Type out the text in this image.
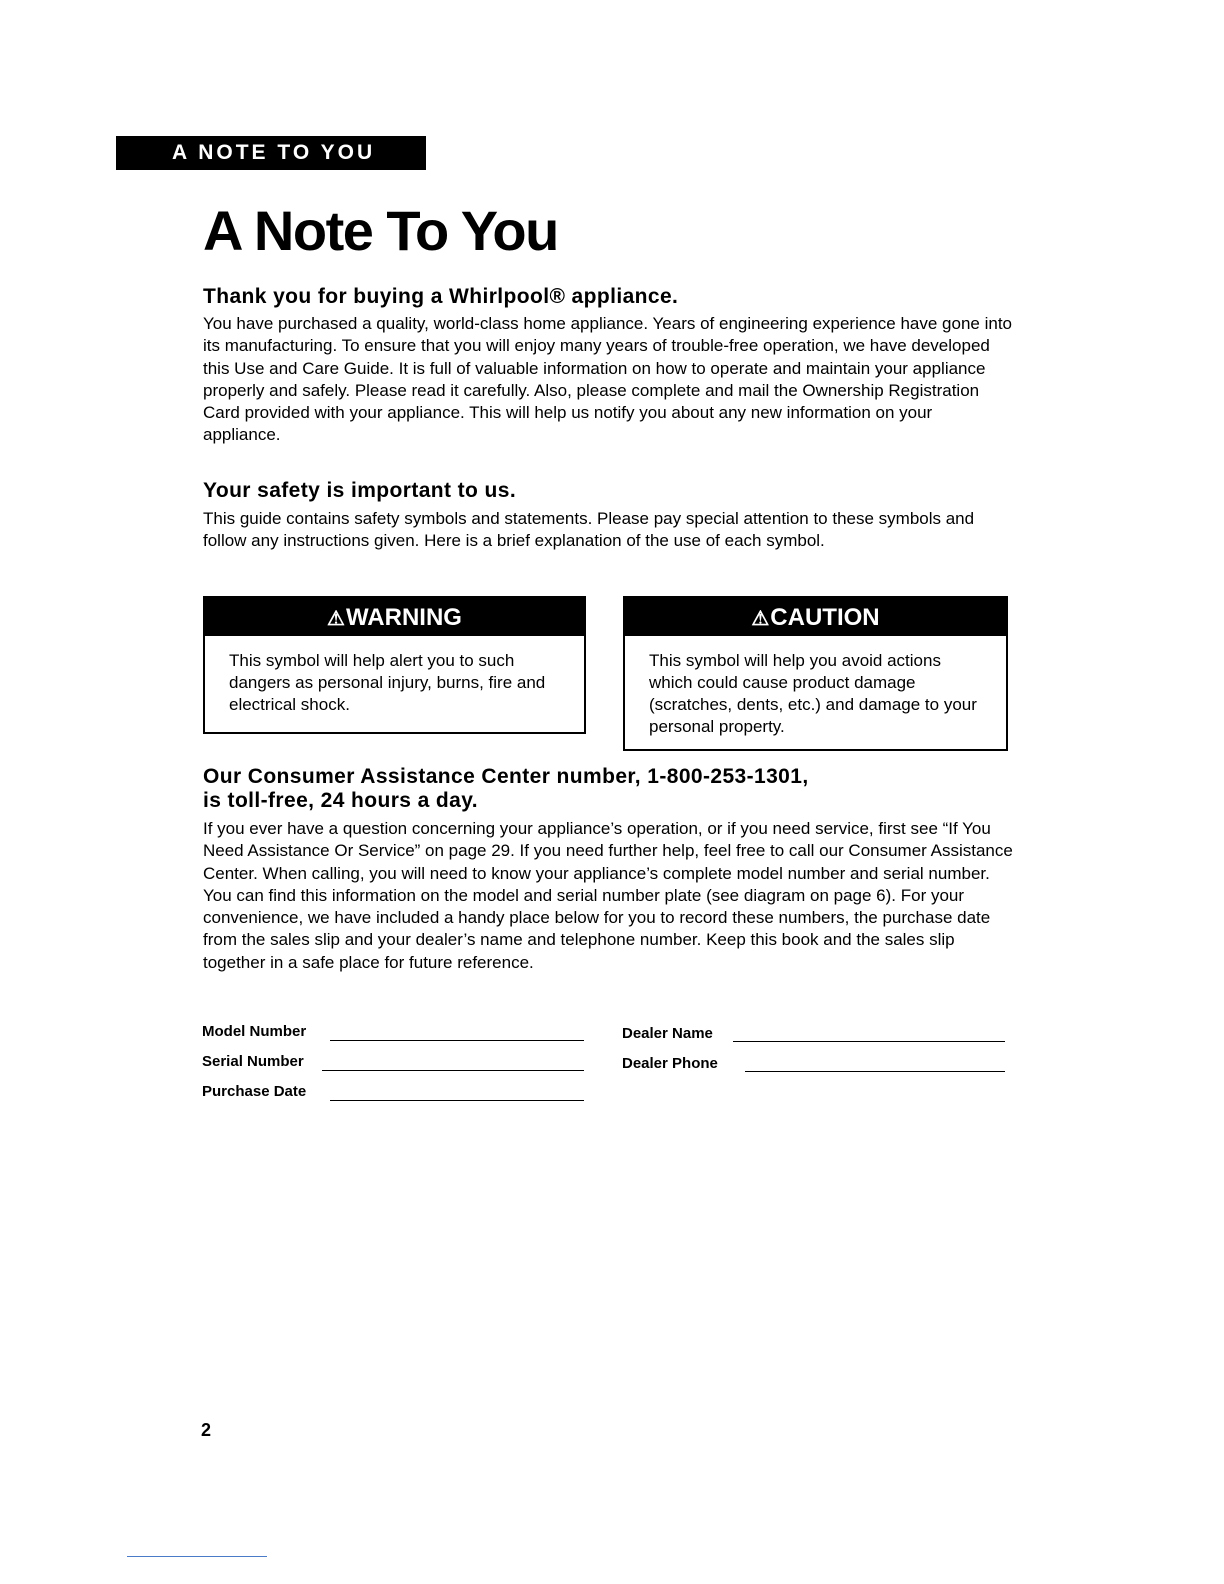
A NOTE TO YOU
A Note To You
Thank you for buying a Whirlpool® appliance.

You have purchased a quality, world-class home appliance. Years of engineering experience have gone into its manufacturing. To ensure that you will enjoy many years of trouble-free operation, we have developed this Use and Care Guide. It is full of valuable information on how to operate and maintain your appliance properly and safely. Please read it carefully. Also, please complete and mail the Ownership Registration Card provided with your appliance. This will help us notify you about any new information on your appliance.

Your safety is important to us.

This guide contains safety symbols and statements. Please pay special attention to these symbols and follow any instructions given. Here is a brief explanation of the use of each symbol.

⚠WARNING

This symbol will help alert you to such dangers as personal injury, burns, fire and electrical shock.

⚠CAUTION

This symbol will help you avoid actions which could cause product damage (scratches, dents, etc.) and damage to your personal property.

Our Consumer Assistance Center number, 1-800-253-1301,
is toll-free, 24 hours a day.

If you ever have a question concerning your appliance’s operation, or if you need service, first see “If You Need Assistance Or Service” on page 29. If you need further help, feel free to call our Consumer Assistance Center. When calling, you will need to know your appliance’s complete model number and serial number. You can find this information on the model and serial number plate (see diagram on page 6). For your convenience, we have included a handy place below for you to record these numbers, the purchase date from the sales slip and your dealer’s name and telephone number. Keep this book and the sales slip together in a safe place for future reference.

Model Number
Serial Number
Purchase Date
Dealer Name
Dealer Phone
2
